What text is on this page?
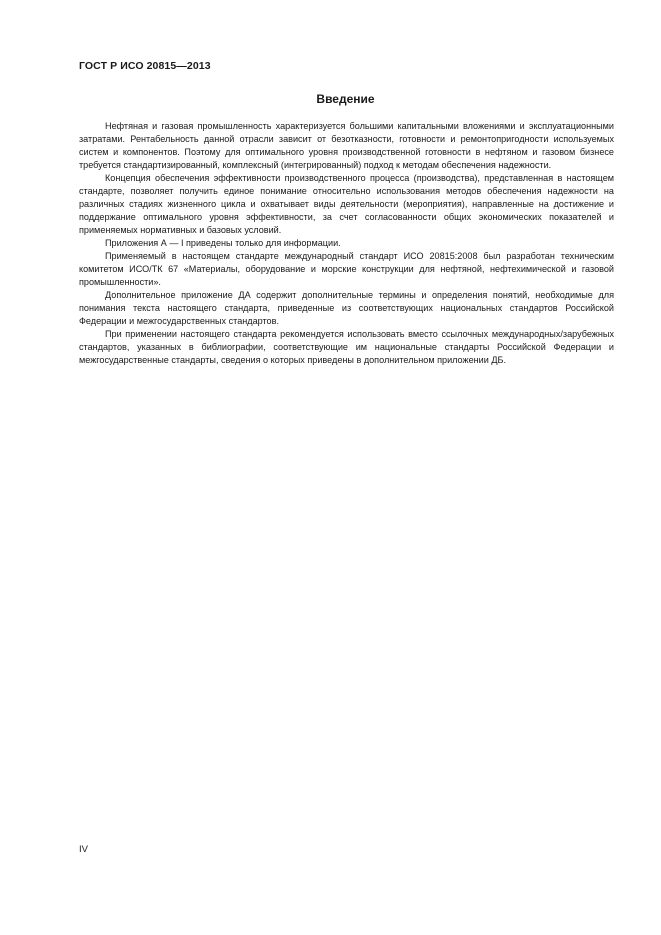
ГОСТ Р ИСО 20815—2013
Введение

Нефтяная и газовая промышленность характеризуется большими капитальными вложениями и эксплуатационными затратами. Рентабельность данной отрасли зависит от безотказности, готовности и ремонтопригодности используемых систем и компонентов. Поэтому для оптимального уровня производственной готовности в нефтяном и газовом бизнесе требуется стандартизированный, комплексный (интегрированный) подход к методам обеспечения надежности.

Концепция обеспечения эффективности производственного процесса (производства), представленная в настоящем стандарте, позволяет получить единое понимание относительно использования методов обеспечения надежности на различных стадиях жизненного цикла и охватывает виды деятельности (мероприятия), направленные на достижение и поддержание оптимального уровня эффективности, за счет согласованности общих экономических показателей и применяемых нормативных и базовых условий.

Приложения А — I приведены только для информации.

Применяемый в настоящем стандарте международный стандарт ИСО 20815:2008 был разработан техническим комитетом ИСО/ТК 67 «Материалы, оборудование и морские конструкции для нефтяной, нефтехимической и газовой промышленности».

Дополнительное приложение ДА содержит дополнительные термины и определения понятий, необходимые для понимания текста настоящего стандарта, приведенные из соответствующих национальных стандартов Российской Федерации и межгосударственных стандартов.

При применении настоящего стандарта рекомендуется использовать вместо ссылочных международных/зарубежных стандартов, указанных в библиографии, соответствующие им национальные стандарты Российской Федерации и межгосударственные стандарты, сведения о которых приведены в дополнительном приложении ДБ.

IV
